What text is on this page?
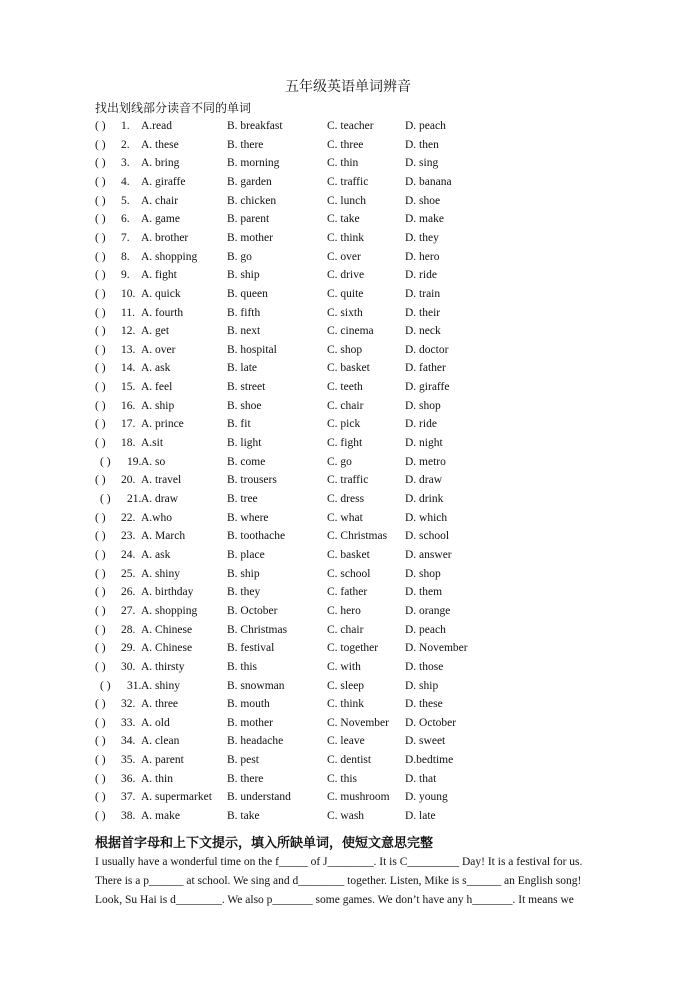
五年级英语单词辨音
找出划线部分读音不同的单词
( ) 1. A.read	B. breakfast	C. teacher	D. peach
( ) 2. A. these	B. there	C. three	D. then
( ) 3. A. bring	B. morning	C. thin	D. sing
( ) 4. A. giraffe	B. garden	C. traffic	D. banana
( ) 5. A. chair	B. chicken	C. lunch	D. shoe
( ) 6. A. game	B. parent	C. take	D. make
( ) 7. A. brother	B. mother	C. think	D. they
( ) 8. A. shopping	B. go	C. over	D. hero
( ) 9. A. fight	B. ship	C. drive	D. ride
( ) 10. A. quick	B. queen	C. quite	D. train
( ) 11. A. fourth	B. fifth	C. sixth	D. their
( ) 12. A. get	B. next	C. cinema	D. neck
( ) 13. A. over	B. hospital	C. shop	D. doctor
( ) 14. A. ask	B. late	C. basket	D. father
( ) 15. A. feel	B. street	C. teeth	D. giraffe
( ) 16. A. ship	B. shoe	C. chair	D. shop
( ) 17. A. prince	B. fit	C. pick	D. ride
( ) 18. A.sit	B. light	C. fight	D. night
( ) 19. A. so	B. come	C. go	D. metro
( ) 20. A. travel	B. trousers	C. traffic	D. draw
( ) 21. A. draw	B. tree	C. dress	D. drink
( ) 22. A.who	B. where	C. what	D. which
( ) 23. A. March	B. toothache	C. Christmas D. school
( ) 24. A. ask	B. place	C. basket	D. answer
( ) 25. A. shiny	B. ship	C. school	D. shop
( ) 26. A. birthday	B. they	C. father	D. them
( ) 27. A. shopping	B. October	C. hero	D. orange
( ) 28. A. Chinese	B. Christmas	C. chair	D. peach
( ) 29. A. Chinese	B. festival	C. together D. November
( ) 30. A. thirsty	B. this	C. with	D. those
( ) 31. A. shiny	B. snowman	C. sleep	D. ship
( ) 32. A. three	B. mouth	C. think	D. these
( ) 33. A. old	B. mother	C. November D. October
( ) 34. A. clean	B. headache	C. leave	D. sweet
( ) 35. A. parent	B. pest	C. dentist	D.bedtime
( ) 36. A. thin	B. there	C. this	D. that
( ) 37. A. supermarket B. understand	C. mushroom D. young
( ) 38. A. make	B. take	C. wash	D. late
根据首字母和上下文提示，填入所缺单词，使短文意思完整
I usually have a wonderful time on the f_____ of J________. It is C_________ Day! It is a festival for us.
There is a p______ at school. We sing and d________ together. Listen, Mike is s______ an English song!
Look, Su Hai is d________. We also p_______ some games. We don’t have any h_______. It means we
